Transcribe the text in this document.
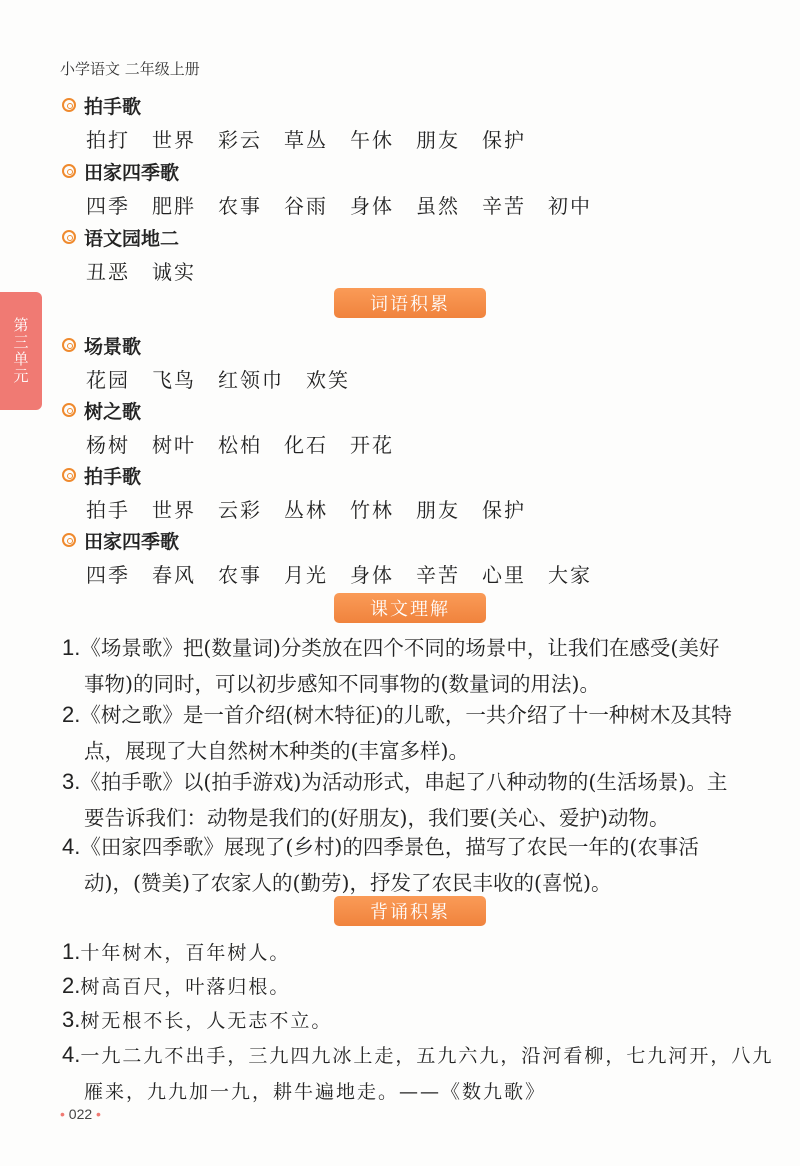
小学语文 二年级上册
第三单元
拍手歌
拍打 世界 彩云 草丛 午休 朋友 保护
田家四季歌
四季 肥胖 农事 谷雨 身体 虽然 辛苦 初中
语文园地二
丑恶 诚实
词语积累
场景歌
花园 飞鸟 红领巾 欢笑
树之歌
杨树 树叶 松柏 化石 开花
拍手歌
拍手 世界 云彩 丛林 竹林 朋友 保护
田家四季歌
四季 春风 农事 月光 身体 辛苦 心里 大家
课文理解
1.《场景歌》把(数量词)分类放在四个不同的场景中，让我们在感受(美好
事物)的同时，可以初步感知不同事物的(数量词的用法)。
2.《树之歌》是一首介绍(树木特征)的儿歌，一共介绍了十一种树木及其特
点，展现了大自然树木种类的(丰富多样)。
3.《拍手歌》以(拍手游戏)为活动形式，串起了八种动物的(生活场景)。主
要告诉我们：动物是我们的(好朋友)，我们要(关心、爱护)动物。
4.《田家四季歌》展现了(乡村)的四季景色，描写了农民一年的(农事活
动)，(赞美)了农家人的(勤劳)，抒发了农民丰收的(喜悦)。
背诵积累
1.十年树木，百年树人。
2.树高百尺，叶落归根。
3.树无根不长，人无志不立。
4.一九二九不出手，三九四九冰上走，五九六九，沿河看柳，七九河开，八九
雁来，九九加一九，耕牛遍地走。——《数九歌》
• 022 •
